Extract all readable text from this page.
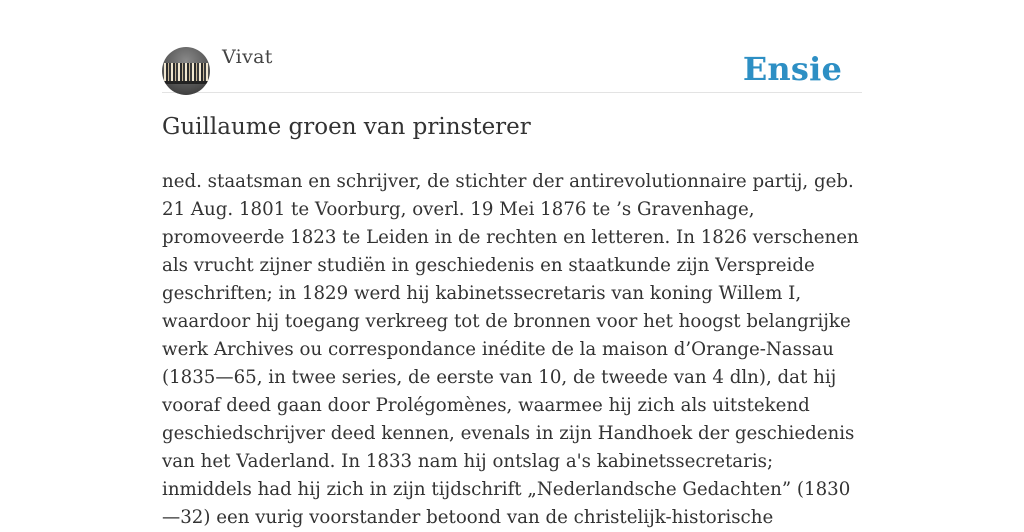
Vivat	Ensie
Guillaume groen van prinsterer

ned. staatsman en schrijver, de stichter der antirevolutionnaire partij, geb. 21 Aug. 1801 te Voorburg, overl. 19 Mei 1876 te ’s Gravenhage, promoveerde 1823 te Leiden in de rechten en letteren. In 1826 verschenen als vrucht zijner studiën in geschiedenis en staatkunde zijn Verspreide geschriften; in 1829 werd hij kabinetssecretaris van koning Willem I, waardoor hij toegang verkreeg tot de bronnen voor het hoogst belangrijke werk Archives ou correspondance inédite de la maison d’Orange-Nassau (1835—65, in twee series, de eerste van 10, de tweede van 4 dln), dat hij vooraf deed gaan door Prolégomènes, waarmee hij zich als uitstekend geschiedschrijver deed kennen, evenals in zijn Handhoek der geschiedenis van het Vaderland. In 1833 nam hij ontslag a's kabinetssecretaris; inmiddels had hij zich in zijn tijdschrift „Nederlandsche Gedachten” (1830—32) een vurig voorstander betoond van de christelijk-historische
